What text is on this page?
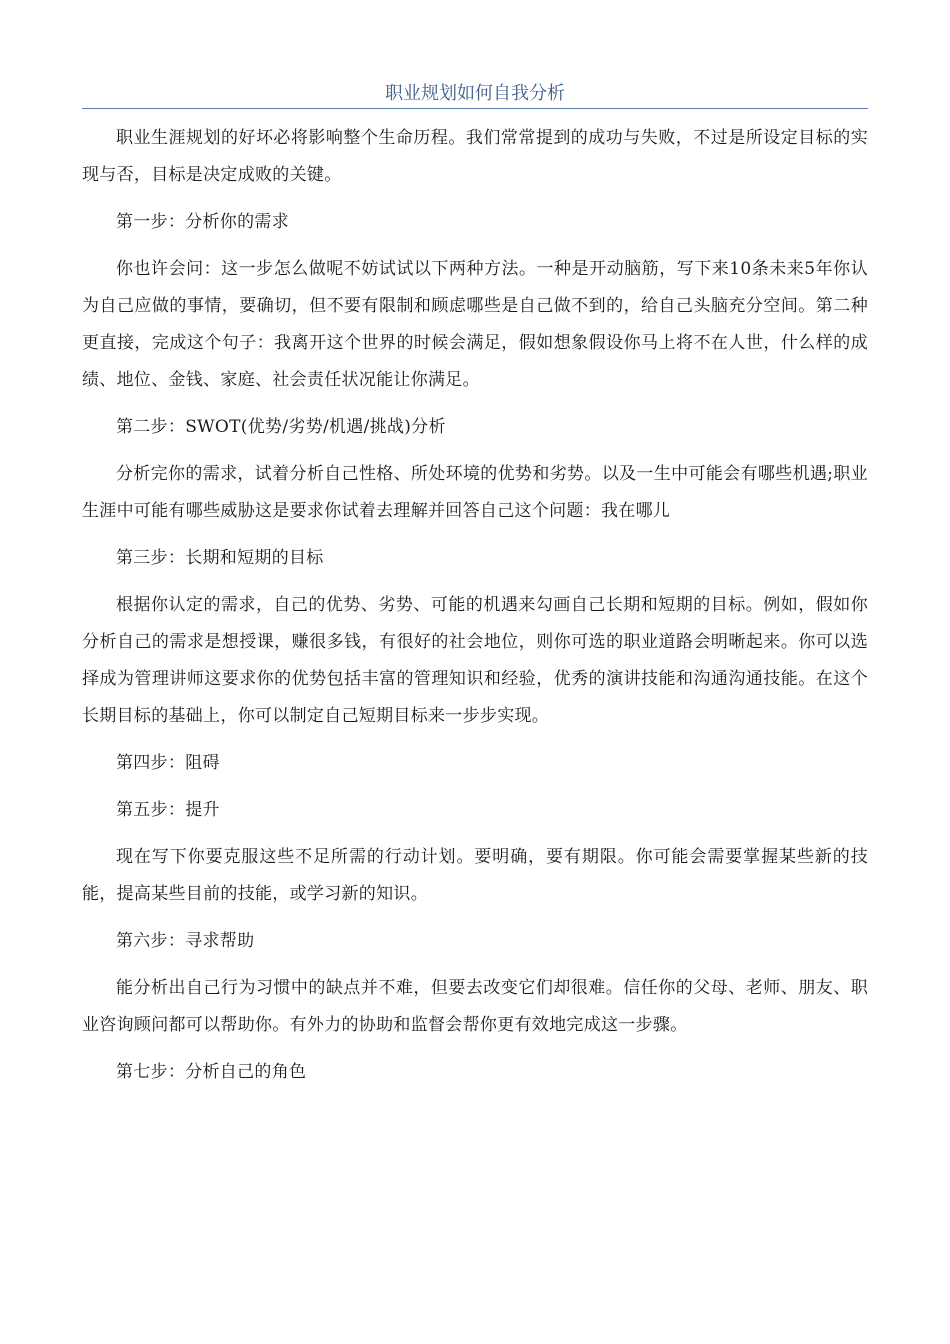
职业规划如何自我分析

职业生涯规划的好坏必将影响整个生命历程。我们常常提到的成功与失败，不过是所设定目标的实现与否，目标是决定成败的关键。

第一步：分析你的需求

你也许会问：这一步怎么做呢不妨试试以下两种方法。一种是开动脑筋，写下来10条未来5年你认为自己应做的事情，要确切，但不要有限制和顾虑哪些是自己做不到的，给自己头脑充分空间。第二种更直接，完成这个句子：我离开这个世界的时候会满足，假如想象假设你马上将不在人世，什么样的成绩、地位、金钱、家庭、社会责任状况能让你满足。

第二步：SWOT(优势/劣势/机遇/挑战)分析

分析完你的需求，试着分析自己性格、所处环境的优势和劣势。以及一生中可能会有哪些机遇;职业生涯中可能有哪些威胁这是要求你试着去理解并回答自己这个问题：我在哪儿

第三步：长期和短期的目标

根据你认定的需求，自己的优势、劣势、可能的机遇来勾画自己长期和短期的目标。例如，假如你分析自己的需求是想授课，赚很多钱，有很好的社会地位，则你可选的职业道路会明晰起来。你可以选择成为管理讲师这要求你的优势包括丰富的管理知识和经验，优秀的演讲技能和沟通沟通技能。在这个长期目标的基础上，你可以制定自己短期目标来一步步实现。

第四步：阻碍

第五步：提升

现在写下你要克服这些不足所需的行动计划。要明确，要有期限。你可能会需要掌握某些新的技能，提高某些目前的技能，或学习新的知识。

第六步：寻求帮助

能分析出自己行为习惯中的缺点并不难，但要去改变它们却很难。信任你的父母、老师、朋友、职业咨询顾问都可以帮助你。有外力的协助和监督会帮你更有效地完成这一步骤。

第七步：分析自己的角色
